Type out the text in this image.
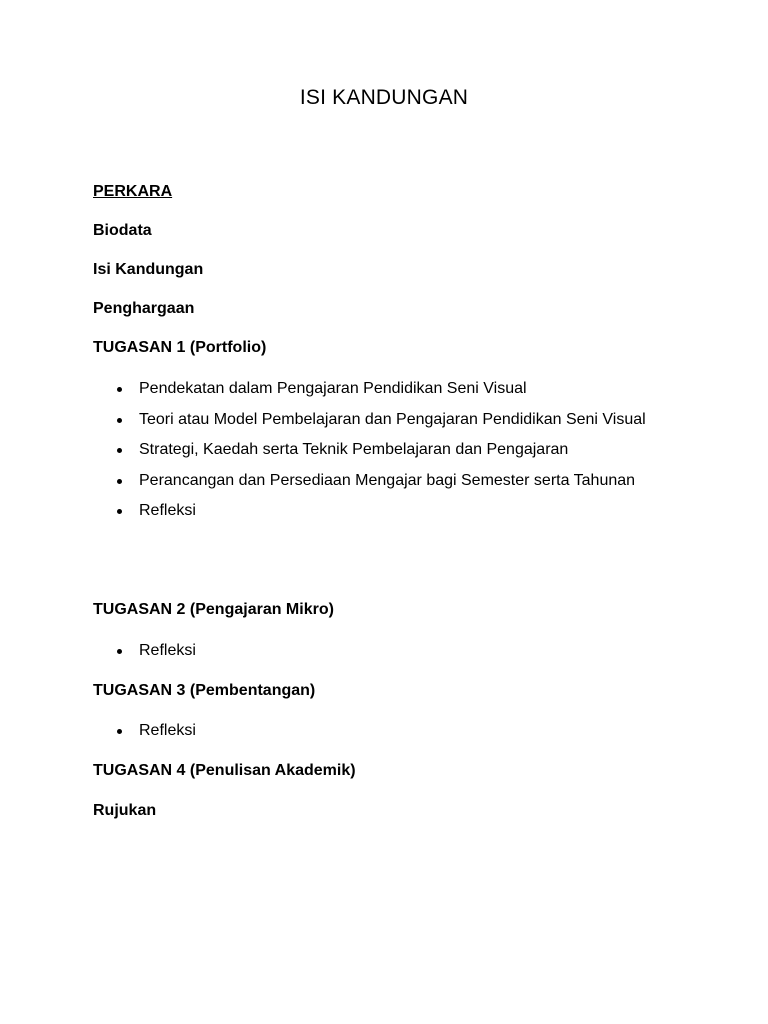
ISI KANDUNGAN
PERKARA
Biodata
Isi Kandungan
Penghargaan
TUGASAN 1 (Portfolio)
Pendekatan dalam Pengajaran Pendidikan Seni Visual
Teori atau Model Pembelajaran dan Pengajaran Pendidikan Seni Visual
Strategi, Kaedah serta Teknik Pembelajaran dan Pengajaran
Perancangan dan Persediaan Mengajar bagi Semester serta Tahunan
Refleksi
TUGASAN 2 (Pengajaran Mikro)
Refleksi
TUGASAN 3 (Pembentangan)
Refleksi
TUGASAN 4 (Penulisan Akademik)
Rujukan
